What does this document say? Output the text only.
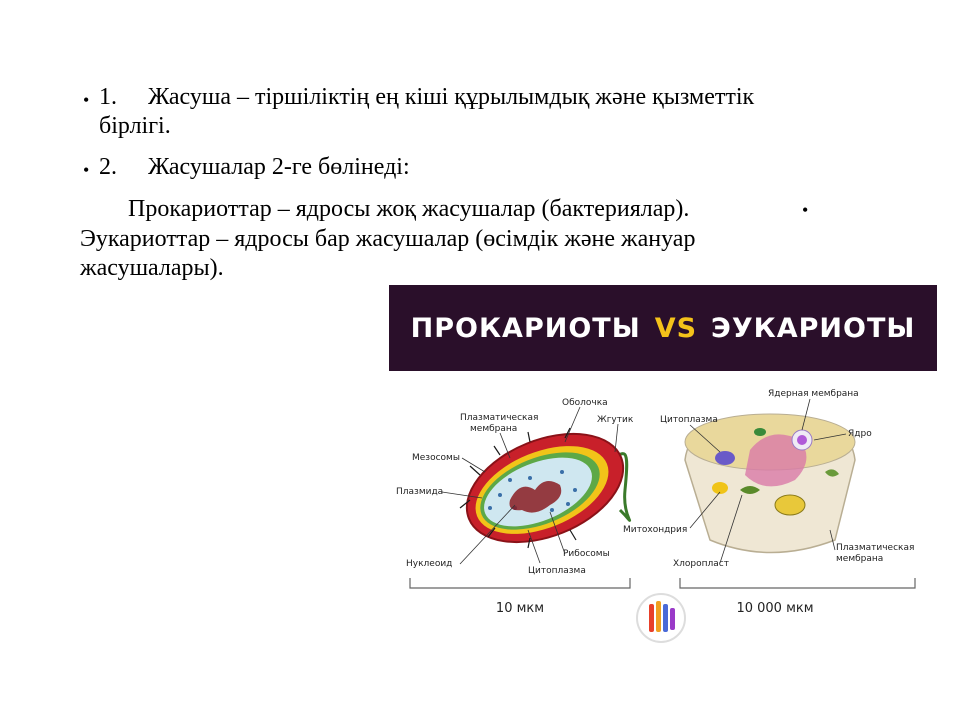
• 1. Жасуша – тіршіліктің ең кіші құрылымдық және қызметтік
бірлігі.
• 2. Жасушалар 2-ге бөлінеді:
Прокариоттар – ядросы жоқ жасушалар (бактериялар).	•
Эукариоттар – ядросы бар жасушалар (өсімдік және жануар
жасушалары).
ПРОКАРИОТЫ VS ЭУКАРИОТЫ
Оболочка
Плазматическая
мембрана
Жгутик
Мезосомы
Плазмида
Нуклеоид
Рибосомы
Цитоплазма
Ядерная мембрана
Цитоплазма
Ядро
Митохондрия
Хлоропласт
Плазматическая
мембрана
10 мкм	10 000 мкм
